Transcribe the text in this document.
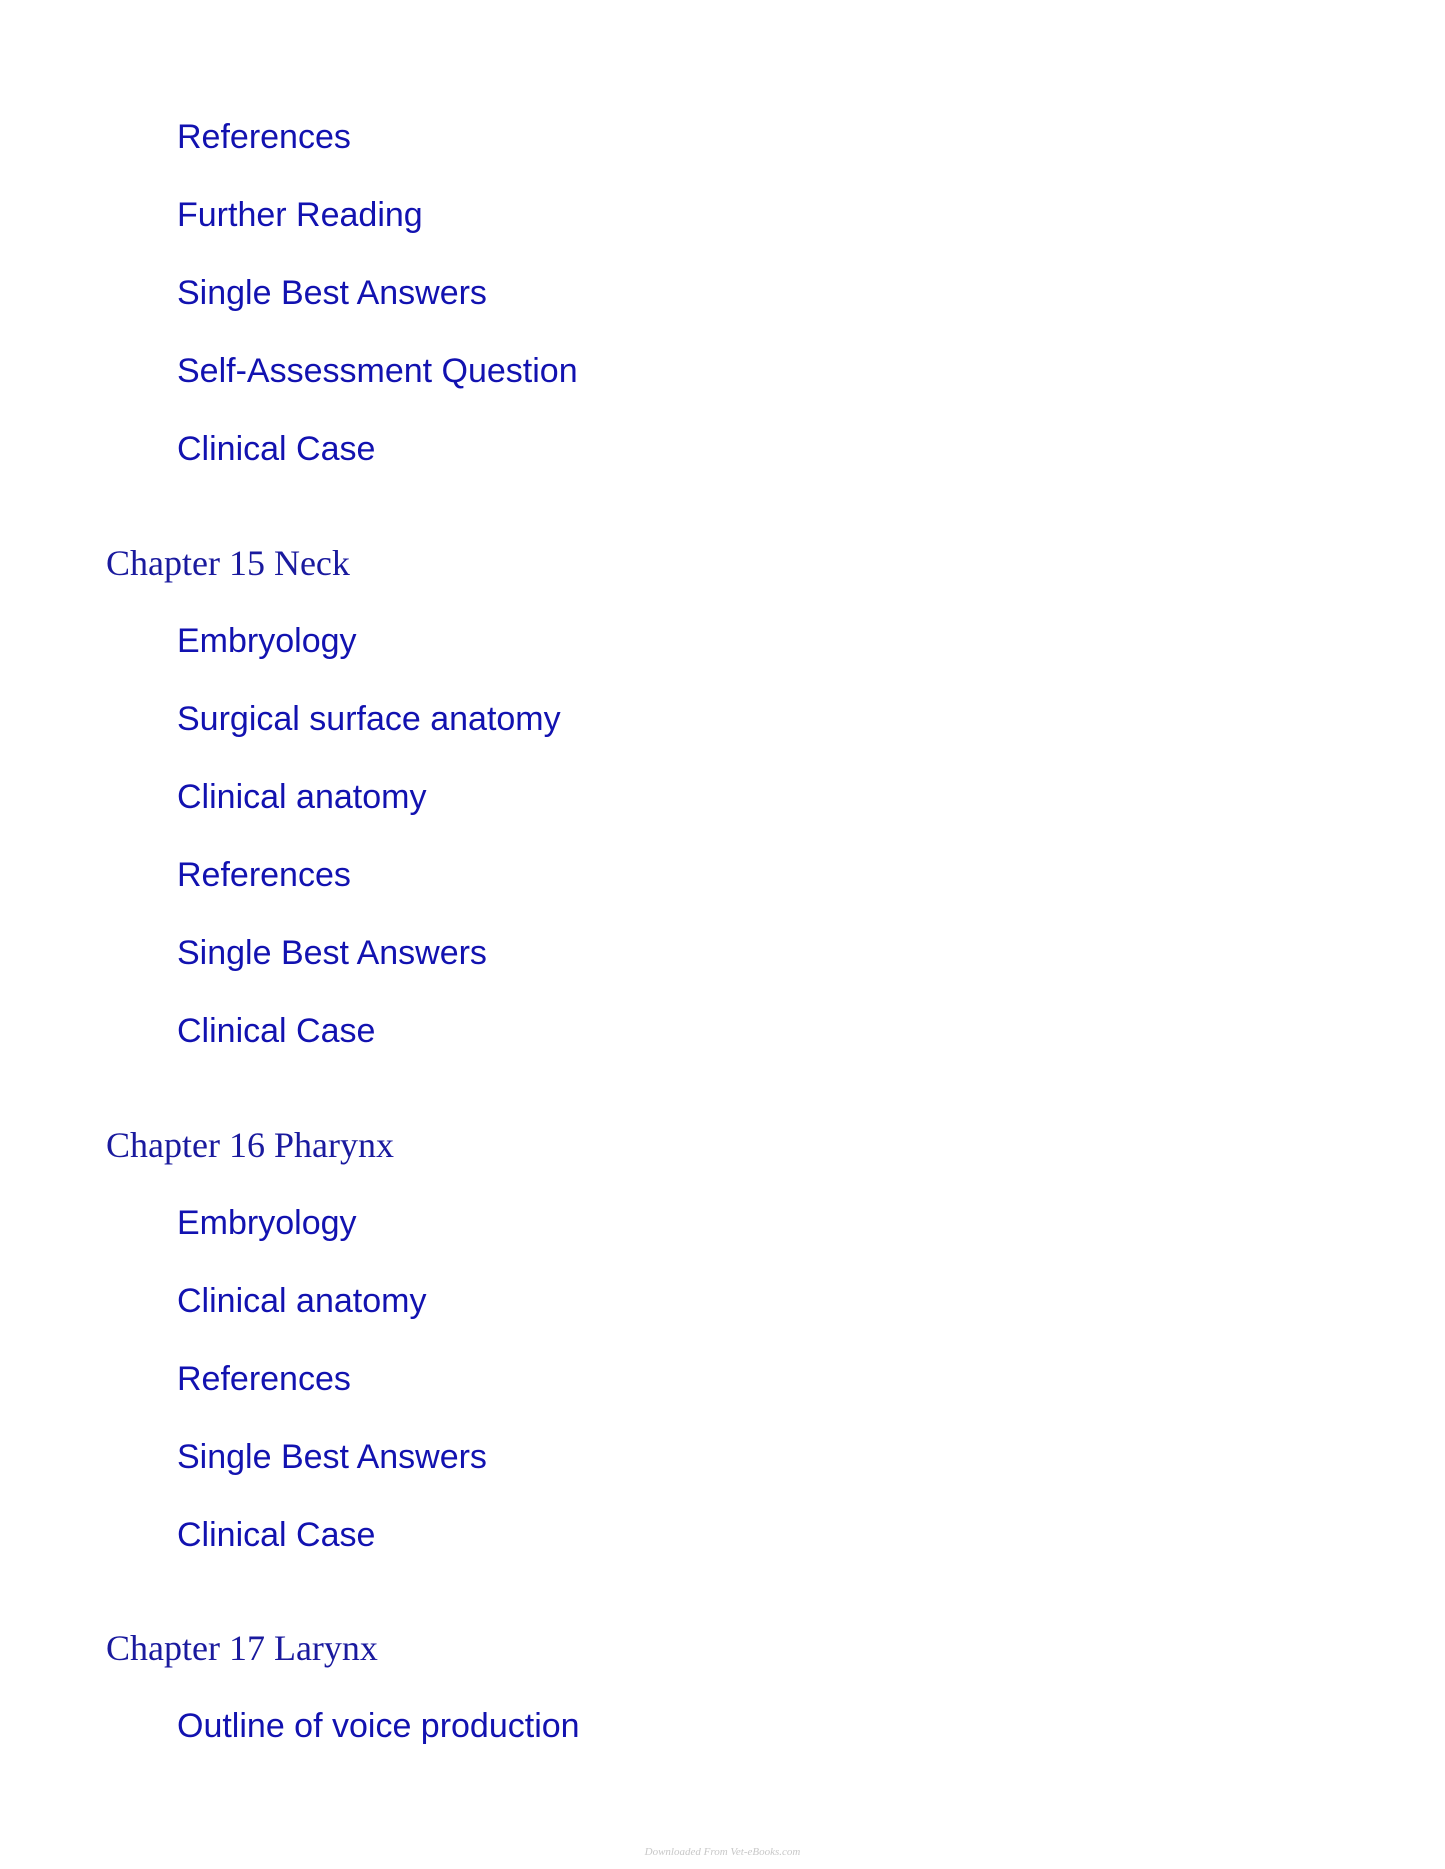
References
Further Reading
Single Best Answers
Self-Assessment Question
Clinical Case
Chapter 15 Neck
Embryology
Surgical surface anatomy
Clinical anatomy
References
Single Best Answers
Clinical Case
Chapter 16 Pharynx
Embryology
Clinical anatomy
References
Single Best Answers
Clinical Case
Chapter 17 Larynx
Outline of voice production
Downloaded From Vet-eBooks.com
